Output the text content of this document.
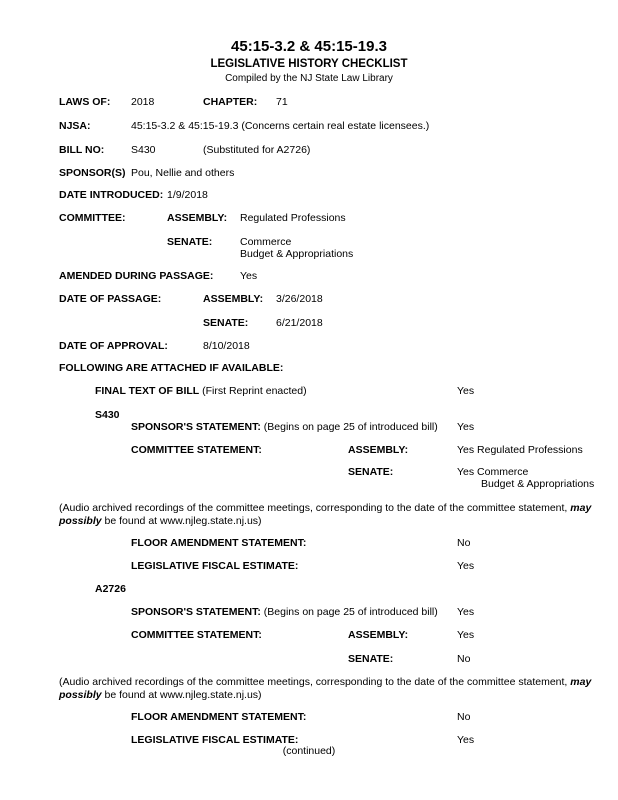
45:15-3.2 & 45:15-19.3
LEGISLATIVE HISTORY CHECKLIST
Compiled by the NJ State Law Library
LAWS OF: 2018	CHAPTER: 71
NJSA:	45:15-3.2 & 45:15-19.3 (Concerns certain real estate licensees.)
BILL NO:	S430	(Substituted for A2726)
SPONSOR(S) Pou, Nellie and others
DATE INTRODUCED: 1/9/2018
COMMITTEE:	ASSEMBLY: Regulated Professions
SENATE:	Commerce
Budget & Appropriations
AMENDED DURING PASSAGE:	Yes
DATE OF PASSAGE:	ASSEMBLY: 3/26/2018
SENATE:	6/21/2018
DATE OF APPROVAL:	8/10/2018
FOLLOWING ARE ATTACHED IF AVAILABLE:
FINAL TEXT OF BILL (First Reprint enacted)	Yes
S430
SPONSOR'S STATEMENT: (Begins on page 25 of introduced bill) Yes
COMMITTEE STATEMENT:	ASSEMBLY:	Yes Regulated Professions
SENATE:	Yes Commerce
Budget & Appropriations
(Audio archived recordings of the committee meetings, corresponding to the date of the committee statement, may possibly be found at www.njleg.state.nj.us)
FLOOR AMENDMENT STATEMENT:	No
LEGISLATIVE FISCAL ESTIMATE:	Yes
A2726
SPONSOR'S STATEMENT: (Begins on page 25 of introduced bill) Yes
COMMITTEE STATEMENT:	ASSEMBLY:	Yes
SENATE:	No
(Audio archived recordings of the committee meetings, corresponding to the date of the committee statement, may possibly be found at www.njleg.state.nj.us)
FLOOR AMENDMENT STATEMENT:	No
LEGISLATIVE FISCAL ESTIMATE:	Yes
(continued)
